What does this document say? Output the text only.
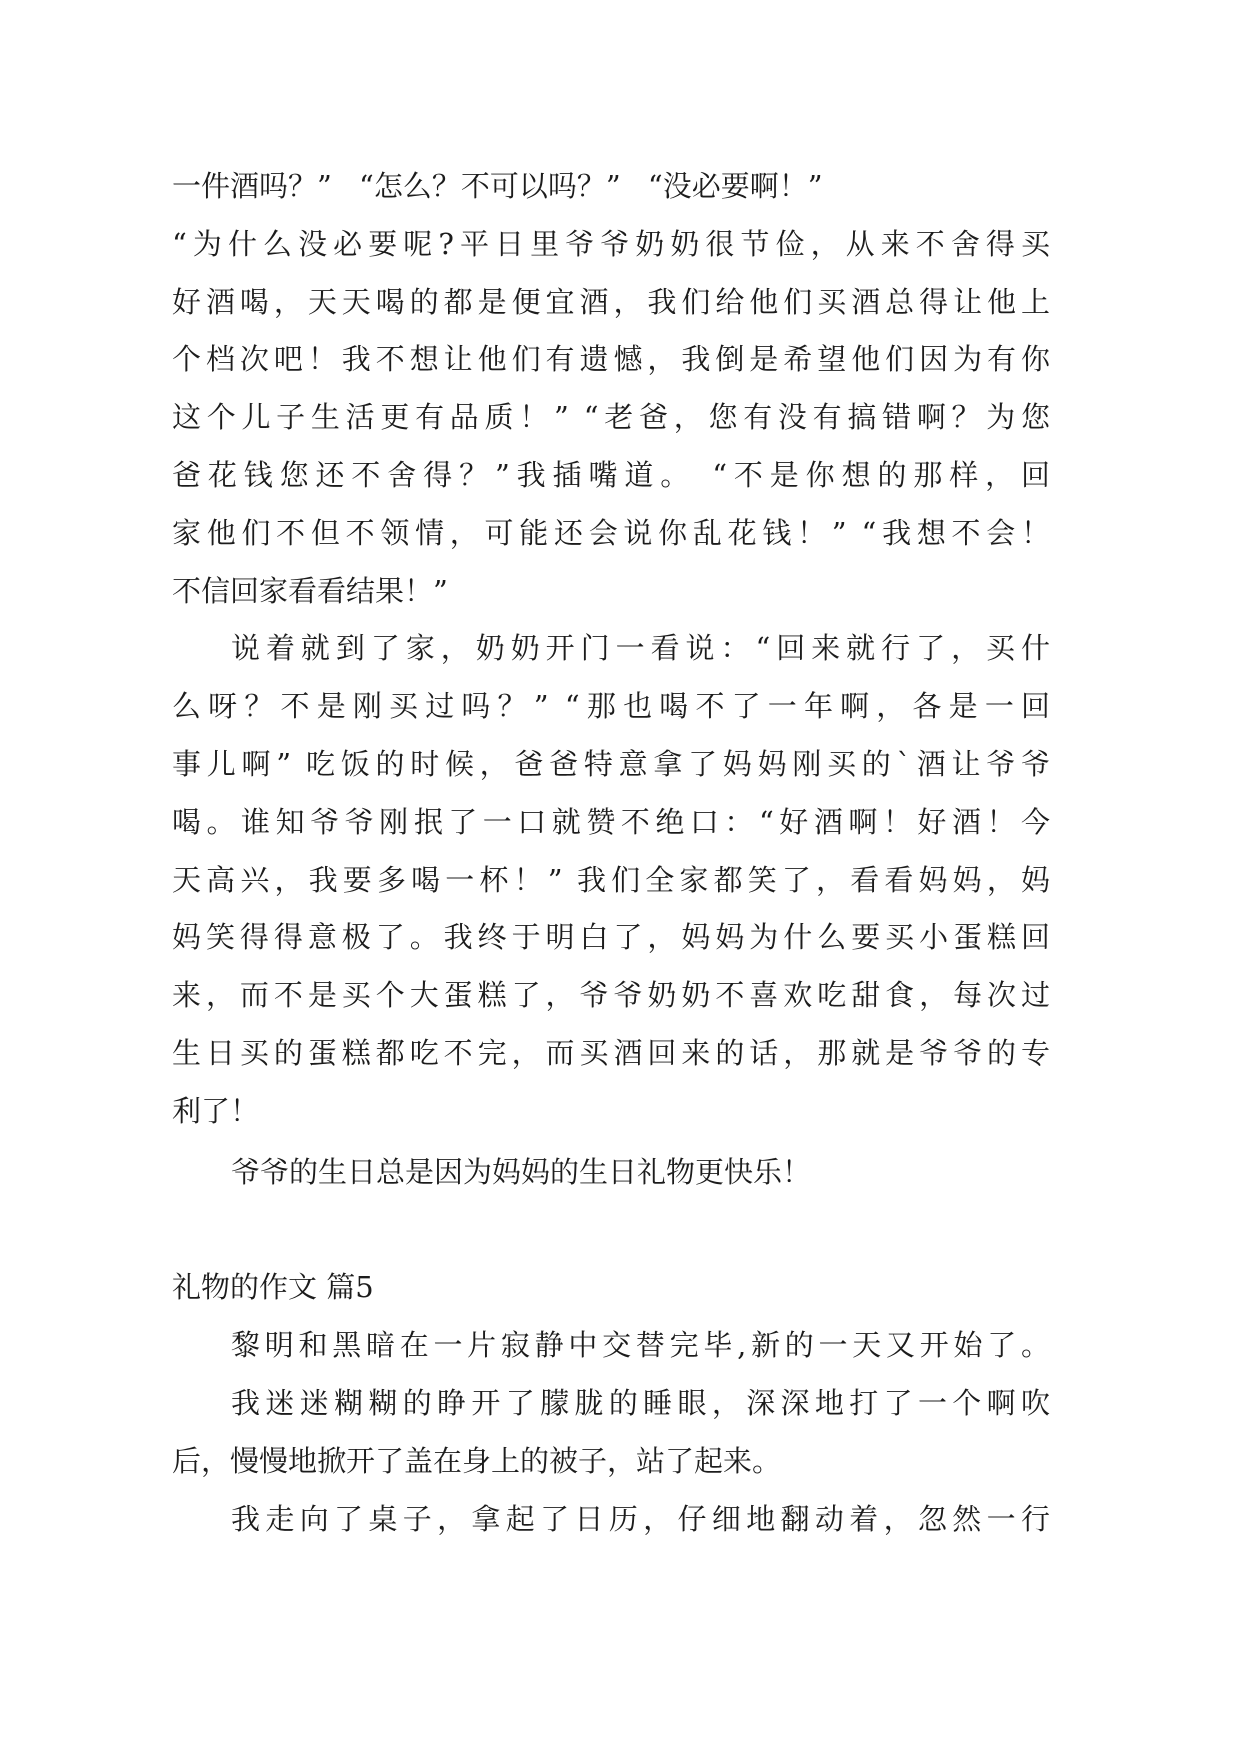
一件酒吗？” “怎么？不可以吗？” “没必要啊！”
“为什么没必要呢?平日里爷爷奶奶很节俭，从来不舍得买
好酒喝，天天喝的都是便宜酒，我们给他们买酒总得让他上
个档次吧！我不想让他们有遗憾，我倒是希望他们因为有你
这个儿子生活更有品质！” “老爸，您有没有搞错啊？为您
爸花钱您还不舍得？”我插嘴道。 “不是你想的那样，回
家他们不但不领情，可能还会说你乱花钱！” “我想不会！
不信回家看看结果！”
说着就到了家，奶奶开门一看说：“回来就行了，买什
么呀？不是刚买过吗？” “那也喝不了一年啊，各是一回
事儿啊” 吃饭的时候，爸爸特意拿了妈妈刚买的`酒让爷爷
喝。谁知爷爷刚抿了一口就赞不绝口：“好酒啊！好酒！今
天高兴，我要多喝一杯！” 我们全家都笑了，看看妈妈，妈
妈笑得得意极了。我终于明白了，妈妈为什么要买小蛋糕回
来，而不是买个大蛋糕了，爷爷奶奶不喜欢吃甜食，每次过
生日买的蛋糕都吃不完，而买酒回来的话，那就是爷爷的专
利了！
爷爷的生日总是因为妈妈的生日礼物更快乐！
礼物的作文 篇5
黎明和黑暗在一片寂静中交替完毕,新的一天又开始了。
我迷迷糊糊的睁开了朦胧的睡眼，深深地打了一个啊吹
后，慢慢地掀开了盖在身上的被子，站了起来。
我走向了桌子，拿起了日历，仔细地翻动着，忽然一行
